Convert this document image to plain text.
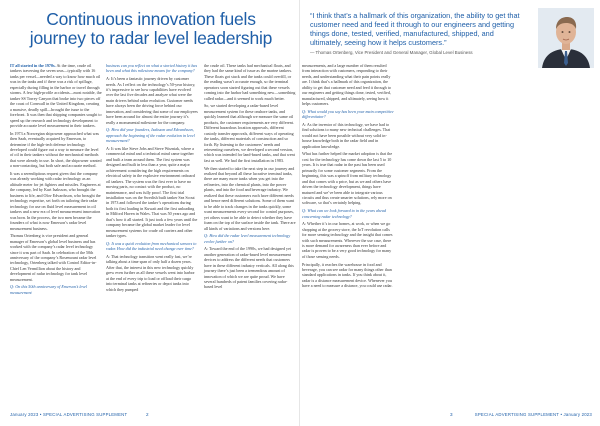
Continuous innovation fuels
journey to radar level leadership
“I think that’s a hallmark of this organization, the ability to get that customer need and feed it through to our engineers and getting things done, tested, verified, manufactured, shipped, and ultimately, seeing how it helps customers.”
— Thomas Ortenberg, Vice President and General Manager, Global Level Business

IT all started in the 1970s. At the time, crude oil tankers traversing the seven seas—typically with 16 tanks per vessel—needed a way to know how much oil was in the tanks and if there was a risk of spillage, especially during filling in the harbor or travel through storms. A few high-profile accidents—most notable, the tanker SS Torrey Canyon that broke into two pieces off the coast of Cornwall in the United Kingdom, creating a massive, deadly spill—brought the issue to the forefront. It was then that shipping companies sought to speed up the research and technology development to provide accurate level measurement in their tankers.

In 1973 a Norwegian shipowner approached what was then Saab, eventually acquired by Emerson, to determine if the high-tech defense technology developed could figure out a way to measure the level of oil in their tankers without the mechanical methods that were already in use. In short, the shipowner wanted a non-contacting, but both safe and accurate method.

It was a serendipitous request given that the company was already working with radar technology as an altitude meter for jet fighters and missiles. Engineers at the company, led by Kurt Isaksson, who brought the business to life, and Olov Edvardsson, who brought the technology expertise, set forth on tailoring their radar technology for use on fluid level measurement in oil tankers and a new era of level measurement innovation was born. In the process, the two men became the founders of what is now Emerson’s radar level measurement business.

Thomas Ortenberg is vice president and general manager of Emerson’s global level business and has worked with the company’s radar level technology since it was part of Saab. In celebration of the 50th anniversary of the company’s Rosemount radar level technology, Ortenberg talked with Control Editor-in-Chief Len Vermillion about the history and development of radar technology for tank level measurement.

Q: On this 50th anniversary of Emerson’s level measurement

business can you reflect on what a storied history it has been and what this milestone means for the company?

A: It’s been a fantastic journey driven by customer needs. As I reflect on the technology’s 50-year history, it’s impressive to see how capabilities have evolved over the last five decades and analyze what were the main drivers behind radar evolution. Customer needs have always been the driving force behind our innovation, and considering that some of our employees have been around for almost the entire journey it’s really a monumental milestone for the company.

Q: How did your founders, Isaksson and Edvardsson, approach the beginning of the radar evolution in level measurement?

A: It was like Steve Jobs and Steve Wozniak, where a commercial mind and a technical mind came together and built a team around them. The first system was designed and built in less than a year, quite a major achievement considering the high requirements on electrical safety in the explosive environment onboard oil tankers. The system was the first ever to have no moving parts, no contact with the product, no maintenance, and was fully proof. The first trial installation was on the Swedish built tanker Sea Scout in 1973 and followed the tanker’s operations during both its first loading in Kuwait and the first unloading in Milford Haven in Wales. That was 50 years ago and that’s how it all started. It just took a few years until the company became the global market leader for level measurement systems for crude oil carriers and other tanker types.

Q: It was a quick evolution from mechanical sensors to radar. How did the industrial need change over time?

A: That technology transition went really fast, we’re talking about a time span of only half a dozen years. After that, the interest in this new technology quickly grew even further as all these vessels went into harbor at the end of every trip to load or offload their cargo into terminal tanks at refineries or depot tanks into which they pumped

the crude oil. These tanks had mechanical floats, and they had the same kind of issue as the marine tankers. These floats got stuck and the tanks could overfill, or the reading wasn’t accurate enough, so the terminal operators soon started figuring out that these vessels coming into the harbor had something new—something called radar—and it seemed to work much better.

So, we started developing a radar-based level measurement system for these onshore tanks, and quickly learned that although we measure the same oil products, the customer requirements are very different. Different hazardous location approvals, different custody transfer approvals, different ways of operating the tanks, different materials of construction and so forth. By listening to the customers’ needs and reinventing ourselves, we developed a second version, which was intended for land-based tanks, and that went fast as well. We had the first installation in 1983.

We then started to take the next step in our journey and realized that beyond all these lucrative terminal tanks, there are many more tanks when you get into the refineries, into the chemical plants, into the power plants, and into the food and beverage industry. We realized that these customers each have different needs and hence need different solutions. Some of them want to be able to track changes in the tanks quickly, some want measurements every second for control purposes, yet others want to be able to detect whether they have foam on the top of the surface inside the tank. There are all kinds of variations and versions here.

Q: How did the radar level measurement technology evolve further on?

A: Toward the end of the 1990s, we had designed yet another generation of radar-based level measurement devices to address the different needs that customers have in these different industry verticals. All along this journey there’s just been a tremendous amount of innovation of which we are quite proud. We have several hundreds of patent families covering radar-based level

measurements, and a large number of them resulted from interaction with customers, responding to their needs, and understanding what their pain points really are. I think that’s a hallmark of this organization, the ability to get that customer need and feed it through to our engineers and getting things done, tested, verified, manufactured, shipped, and ultimately, seeing how it helps customers.

Q: What would you say has been your main competitive differentiator?

A: As the inventor of this technology, we have had to find solutions to many new technical challenges. That would not have been possible without very solid in-house knowledge both in the radar field and in application knowledge.

What has further helped the market adoption is that the cost for the technology has come down the last 5 to 10 years. It is true that radar in the past has been used primarily for some customer segments. From the beginning, this was a spinoff from military technology and that comes with a price, but as we and others have driven the technology development, things have matured and we’ve been able to integrate various circuits and thus create smarter solutions, rely more on software, so that’s certainly helping.

Q: What can we look forward to in the years ahead concerning radar technology?

A: Whether it’s in our homes, at work, or when we go shopping at the grocery store, the IoT revolution calls for more sensing technology and the insight that comes with such measurements. Wherever the use case, there is more demand for awareness than ever before and radar is proven to be a very good technology for many of those sensing needs.

Principally, it reaches the warehouse in food and beverage, you can see radar for many things other than standard applications in tanks. If you think about it, radar is a distance measurement device. Whenever you have a need to measure a distance, you could use radar.

January 2023 • SPECIAL ADVERTISING SUPPLEMENT	2	3	SPECIAL ADVERTISING SUPPLEMENT • January 2023
